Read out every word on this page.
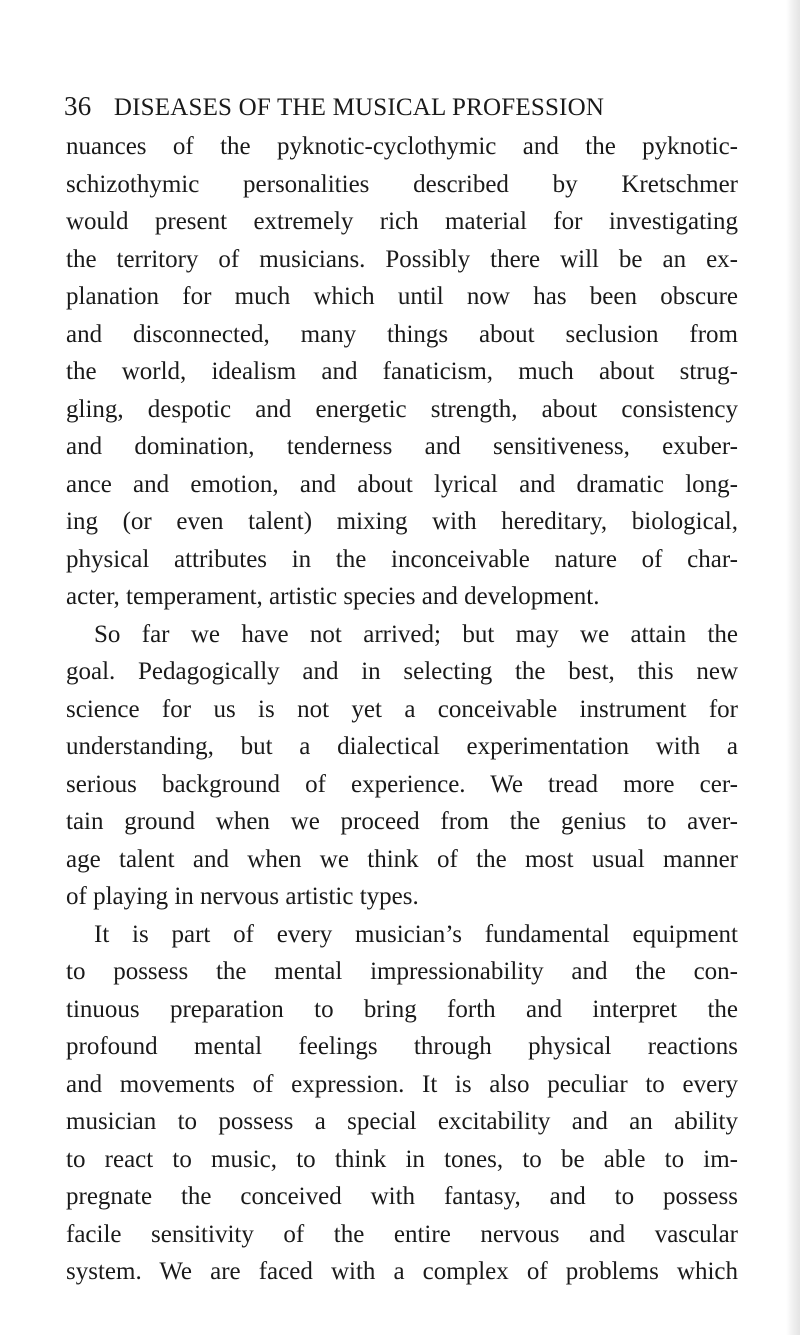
36 DISEASES OF THE MUSICAL PROFESSION
nuances of the pyknotic-cyclothymic and the pyknotic-
schizothymic personalities described by Kretschmer
would present extremely rich material for investigating
the territory of musicians. Possibly there will be an ex-
planation for much which until now has been obscure
and disconnected, many things about seclusion from
the world, idealism and fanaticism, much about strug-
gling, despotic and energetic strength, about consistency
and domination, tenderness and sensitiveness, exuber-
ance and emotion, and about lyrical and dramatic long-
ing (or even talent) mixing with hereditary, biological,
physical attributes in the inconceivable nature of char-
acter, temperament, artistic species and development.
So far we have not arrived; but may we attain the
goal. Pedagogically and in selecting the best, this new
science for us is not yet a conceivable instrument for
understanding, but a dialectical experimentation with a
serious background of experience. We tread more cer-
tain ground when we proceed from the genius to aver-
age talent and when we think of the most usual manner
of playing in nervous artistic types.
It is part of every musician’s fundamental equipment
to possess the mental impressionability and the con-
tinuous preparation to bring forth and interpret the
profound mental feelings through physical reactions
and movements of expression. It is also peculiar to every
musician to possess a special excitability and an ability
to react to music, to think in tones, to be able to im-
pregnate the conceived with fantasy, and to possess
facile sensitivity of the entire nervous and vascular
system. We are faced with a complex of problems which
